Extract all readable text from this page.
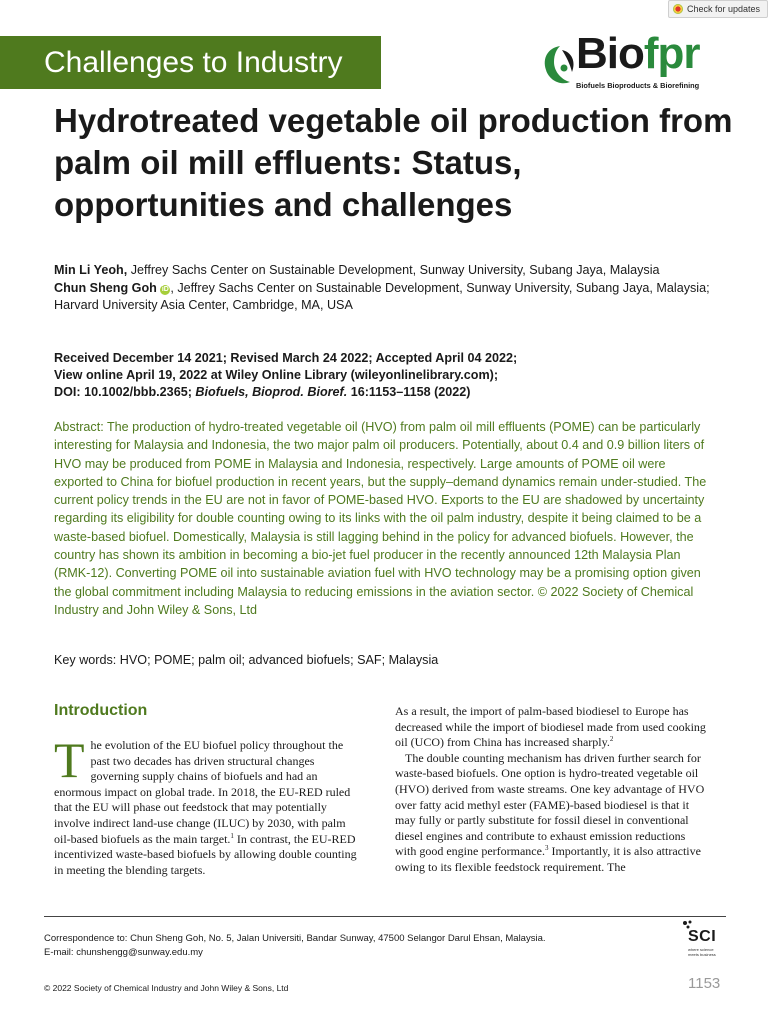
Check for updates
Challenges to Industry	Biofpr
Biofuels Bioproducts & Biorefining
Hydrotreated vegetable oil production from palm oil mill effluents: Status, opportunities and challenges

Min Li Yeoh, Jeffrey Sachs Center on Sustainable Development, Sunway University, Subang Jaya, Malaysia

Chun Sheng Goh iD , Jeffrey Sachs Center on Sustainable Development, Sunway University, Subang Jaya, Malaysia; Harvard University Asia Center, Cambridge, MA, USA

Received December 14 2021; Revised March 24 2022; Accepted April 04 2022;

View online April 19, 2022 at Wiley Online Library (wileyonlinelibrary.com);

DOI: 10.1002/bbb.2365; Biofuels, Bioprod. Bioref. 16:1153–1158 (2022)

Abstract: The production of hydro-treated vegetable oil (HVO) from palm oil mill effluents (POME) can be particularly interesting for Malaysia and Indonesia, the two major palm oil producers. Potentially, about 0.4 and 0.9 billion liters of HVO may be produced from POME in Malaysia and Indonesia, respectively. Large amounts of POME oil were exported to China for biofuel production in recent years, but the supply–demand dynamics remain under-studied. The current policy trends in the EU are not in favor of POME-based HVO. Exports to the EU are shadowed by uncertainty regarding its eligibility for double counting owing to its links with the oil palm industry, despite it being claimed to be a waste-based biofuel. Domestically, Malaysia is still lagging behind in the policy for advanced biofuels. However, the country has shown its ambition in becoming a bio-jet fuel producer in the recently announced 12th Malaysia Plan (RMK-12). Converting POME oil into sustainable aviation fuel with HVO technology may be a promising option given the global commitment including Malaysia to reducing emissions in the aviation sector. © 2022 Society of Chemical Industry and John Wiley & Sons, Ltd

Key words: HVO; POME; palm oil; advanced biofuels; SAF; Malaysia

Introduction

The evolution of the EU biofuel policy throughout the past two decades has driven structural changes governing supply chains of biofuels and had an enormous impact on global trade. In 2018, the EU-RED ruled that the EU will phase out feedstock that may potentially involve indirect land-use change (ILUC) by 2030, with palm oil-based biofuels as the main target.$^1$ In contrast, the EU-RED incentivized waste-based biofuels by allowing double counting in meeting the blending targets.

As a result, the import of palm-based biodiesel to Europe has decreased while the import of biodiesel made from used cooking oil (UCO) from China has increased sharply.$^2$

The double counting mechanism has driven further search for waste-based biofuels. One option is hydro-treated vegetable oil (HVO) derived from waste streams. One key advantage of HVO over fatty acid methyl ester (FAME)-based biodiesel is that it may fully or partly substitute for fossil diesel in conventional diesel engines and contribute to exhaust emission reductions with good engine performance.$^3$ Importantly, it is also attractive owing to its flexible feedstock requirement. The

Correspondence to: Chun Sheng Goh, No. 5, Jalan Universiti, Bandar Sunway, 47500 Selangor Darul Ehsan, Malaysia.
E-mail: chunshengg@sunway.edu.my

SCI
where science meets business

© 2022 Society of Chemical Industry and John Wiley & Sons, Ltd	1153
